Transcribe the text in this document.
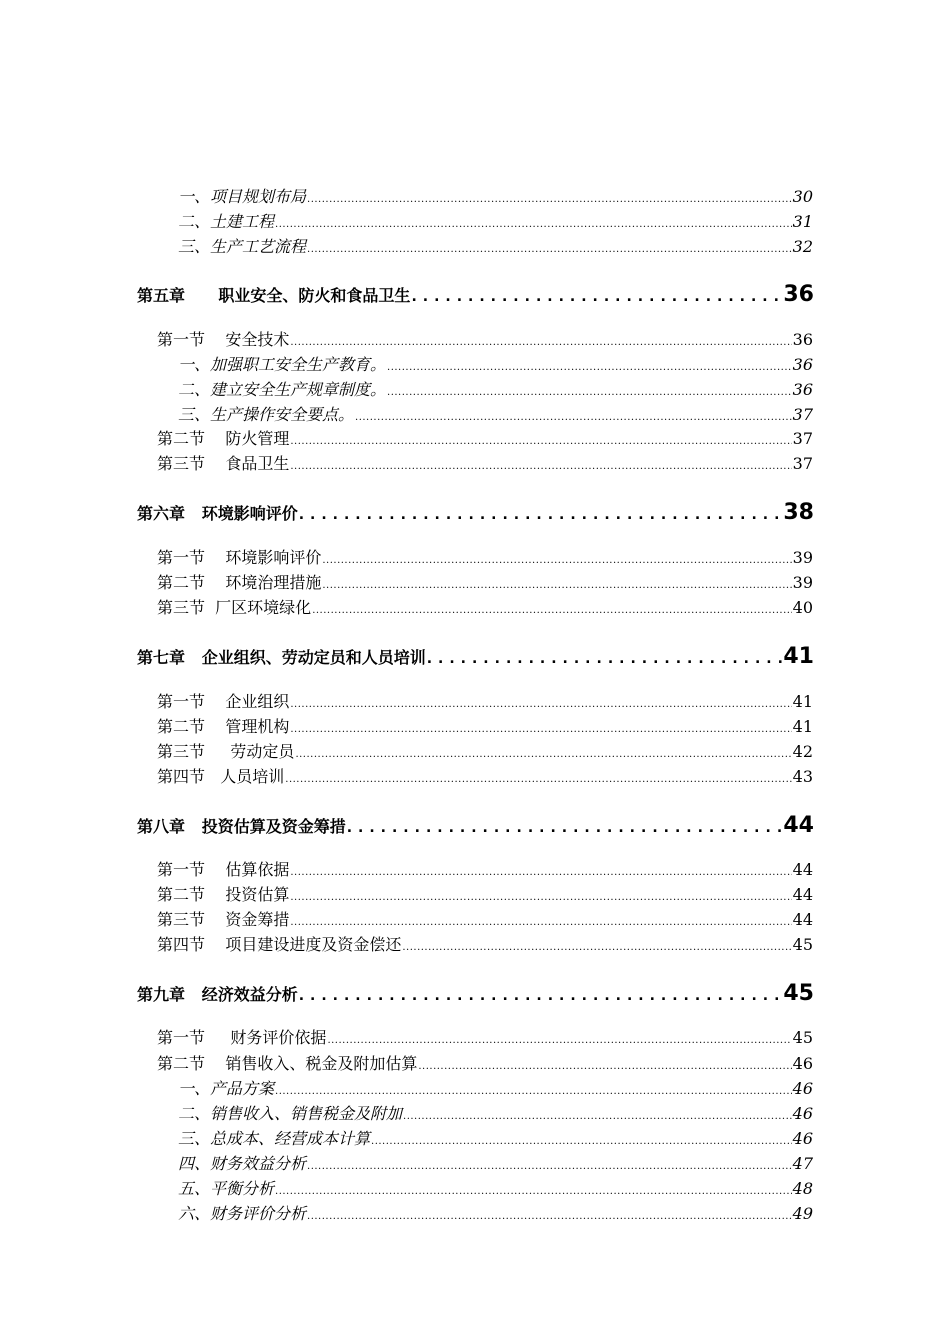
一、项目规划布局 .....	30
二、土建工程 .....	31
三、生产工艺流程 .....	32
第五章      职业安全、防火和食品卫生 .....	36
第一节    安全技术 .....	36
一、加强职工安全生产教育。 .....	36
二、建立安全生产规章制度。 .....	36
三、生产操作安全要点。 .....	37
第二节    防火管理 .....	37
第三节    食品卫生 .....	37
第六章   环境影响评价 .....	38
第一节    环境影响评价 .....	39
第二节    环境治理措施 .....	39
第三节  厂区环境绿化 .....	40
第七章   企业组织、劳动定员和人员培训 .....	41
第一节    企业组织 .....	41
第二节    管理机构 .....	41
第三节     劳动定员 .....	42
第四节   人员培训 .....	43
第八章   投资估算及资金筹措 .....	44
第一节    估算依据 .....	44
第二节    投资估算 .....	44
第三节    资金筹措 .....	44
第四节    项目建设进度及资金偿还 .....	45
第九章   经济效益分析 .....	45
第一节     财务评价依据 .....	45
第二节    销售收入、税金及附加估算 .....	46
一、产品方案 .....	46
二、销售收入、销售税金及附加 .....	46
三、总成本、经营成本计算 .....	46
四、财务效益分析 .....	47
五、平衡分析 .....	48
六、财务评价分析 .....	49
